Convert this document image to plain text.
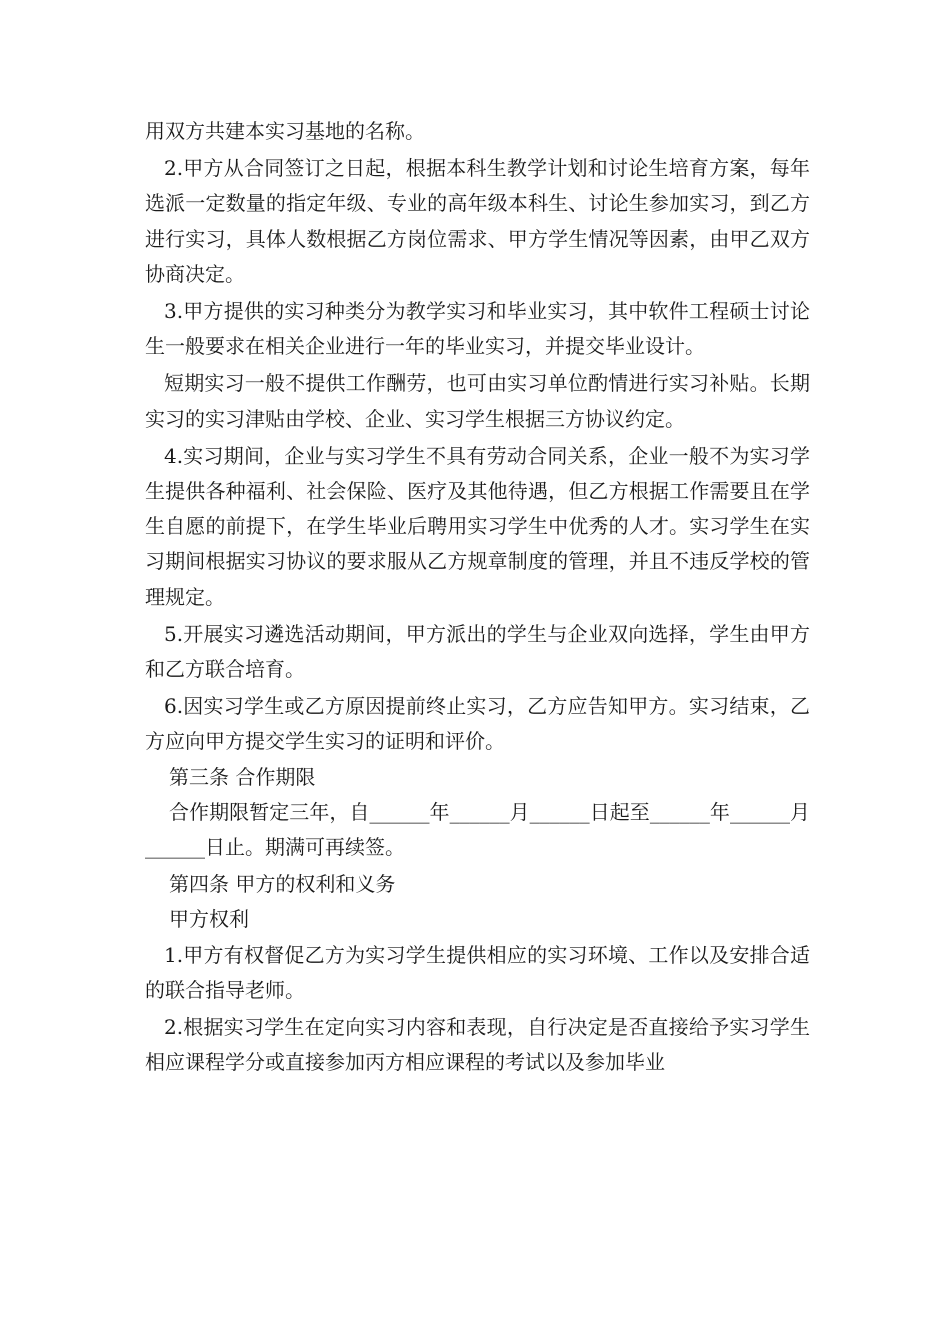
用双方共建本实习基地的名称。

2.甲方从合同签订之日起，根据本科生教学计划和讨论生培育方案，每年选派一定数量的指定年级、专业的高年级本科生、讨论生参加实习，到乙方进行实习，具体人数根据乙方岗位需求、甲方学生情况等因素，由甲乙双方协商决定。

3.甲方提供的实习种类分为教学实习和毕业实习，其中软件工程硕士讨论生一般要求在相关企业进行一年的毕业实习，并提交毕业设计。

短期实习一般不提供工作酬劳，也可由实习单位酌情进行实习补贴。长期实习的实习津贴由学校、企业、实习学生根据三方协议约定。

4.实习期间，企业与实习学生不具有劳动合同关系，企业一般不为实习学生提供各种福利、社会保险、医疗及其他待遇，但乙方根据工作需要且在学生自愿的前提下，在学生毕业后聘用实习学生中优秀的人才。实习学生在实习期间根据实习协议的要求服从乙方规章制度的管理，并且不违反学校的管理规定。

5.开展实习遴选活动期间，甲方派出的学生与企业双向选择，学生由甲方和乙方联合培育。

6.因实习学生或乙方原因提前终止实习，乙方应告知甲方。实习结束，乙方应向甲方提交学生实习的证明和评价。

第三条 合作期限

合作期限暂定三年，自______年______月______日起至______年______月______日止。期满可再续签。

第四条 甲方的权利和义务

甲方权利

1.甲方有权督促乙方为实习学生提供相应的实习环境、工作以及安排合适的联合指导老师。

2.根据实习学生在定向实习内容和表现，自行决定是否直接给予实习学生相应课程学分或直接参加丙方相应课程的考试以及参加毕业
